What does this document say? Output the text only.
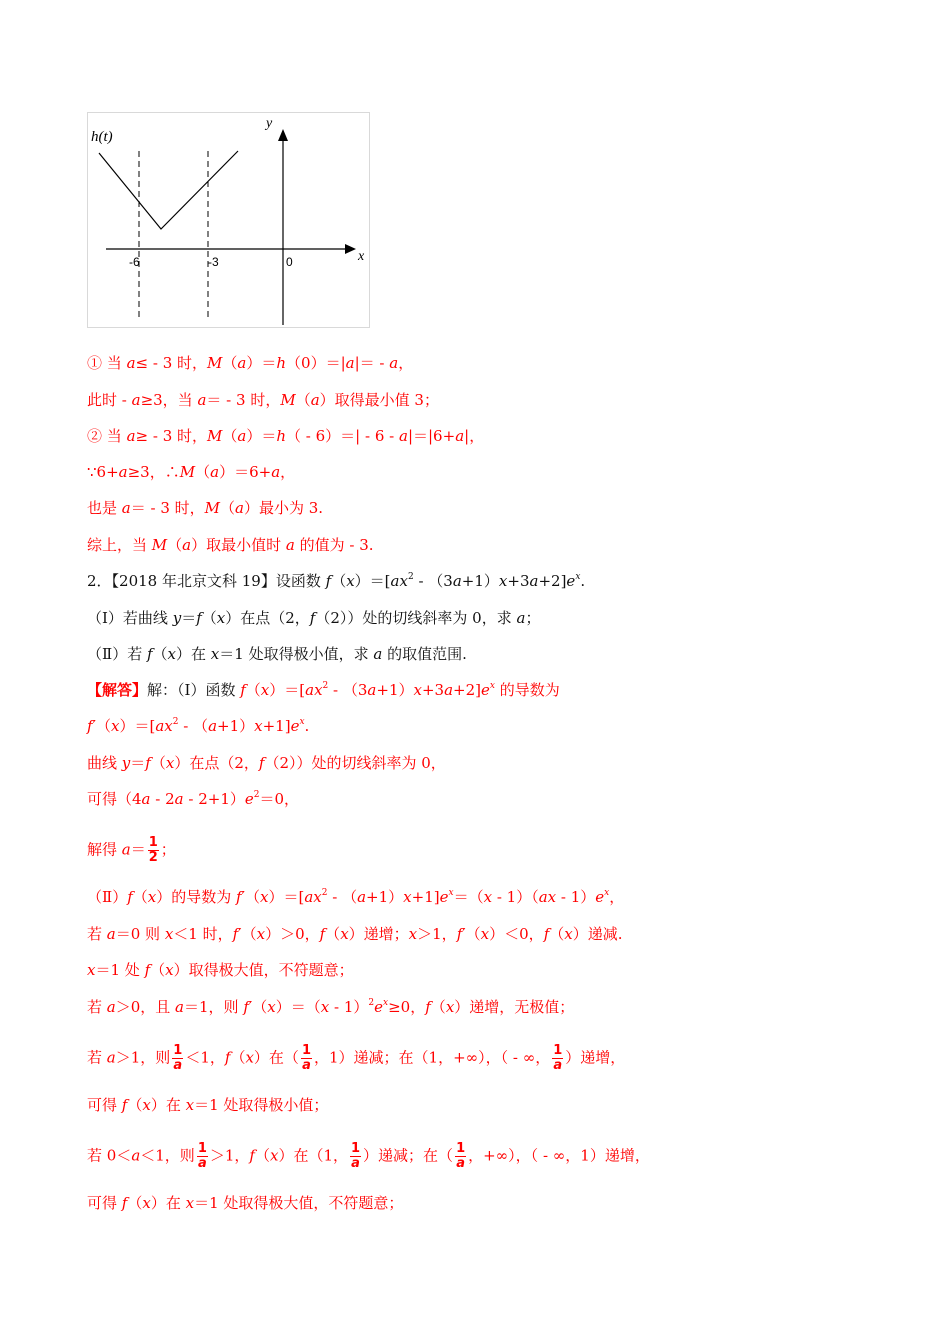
y
x
h(t)
-6	-3	0
① 当 a≤ - 3 时，M（a）＝h（0）＝|a|＝ - a，
此时 - a≥3，当 a＝ - 3 时，M（a）取得最小值 3；
② 当 a≥ - 3 时，M（a）＝h（ - 6）＝| - 6 - a|＝|6+a|，
∵6+a≥3，∴M（a）＝6+a，
也是 a＝ - 3 时，M（a）最小为 3.
综上，当 M（a）取最小值时 a 的值为 - 3.
2．【2018 年北京文科 19】设函数 $f(x)=[ax^2 - (3a+1)x+3a+2]e^x$.
（Ⅰ）若曲线 y＝f（x）在点（2，f（2））处的切线斜率为 0，求 a；
（Ⅱ）若 f（x）在 x＝1 处取得极小值，求 a 的取值范围.
【解答】解：（Ⅰ）函数 $f(x)=[ax^2 - (3a+1)x+3a+2]e^x$ 的导数为
$f'(x)=[ax^2 - (a+1)x+1]e^x$.
曲线 y＝f（x）在点（2，f（2））处的切线斜率为 0，
可得$(4a - 2a - 2+1)e^2=0$，
解得 $a= \frac{1}{2}$ ；
（Ⅱ）f（x）的导数为 $f'(x)=[ax^2 - (a+1)x+1]e^x=(x - 1)(ax - 1)e^x$，
若 a＝0 则 x＜1 时，f′（x）＞0，f（x）递增；x＞1，f′（x）＜0，f（x）递减.
x＝1 处 f（x）取得极大值，不符题意；
若 a＞0，且 a＝1，则 $f'(x)=(x - 1)^2e^x\ge 0$，f（x）递增，无极值；
若 a＞1，则 $\frac{1}{a} <1$，f（x）在（ $\frac{1}{a}$ ，1）递减；在（1，+∞），（ - ∞， $\frac{1}{a}$ ）递增，
可得 f（x）在 x＝1 处取得极小值；
若 0＜a＜1，则 $\frac{1}{a} >1$，f（x）在（1， $\frac{1}{a}$ ）递减；在（ $\frac{1}{a}$ ，+∞），（ - ∞，1）递增，
可得 f（x）在 x＝1 处取得极大值，不符题意；
